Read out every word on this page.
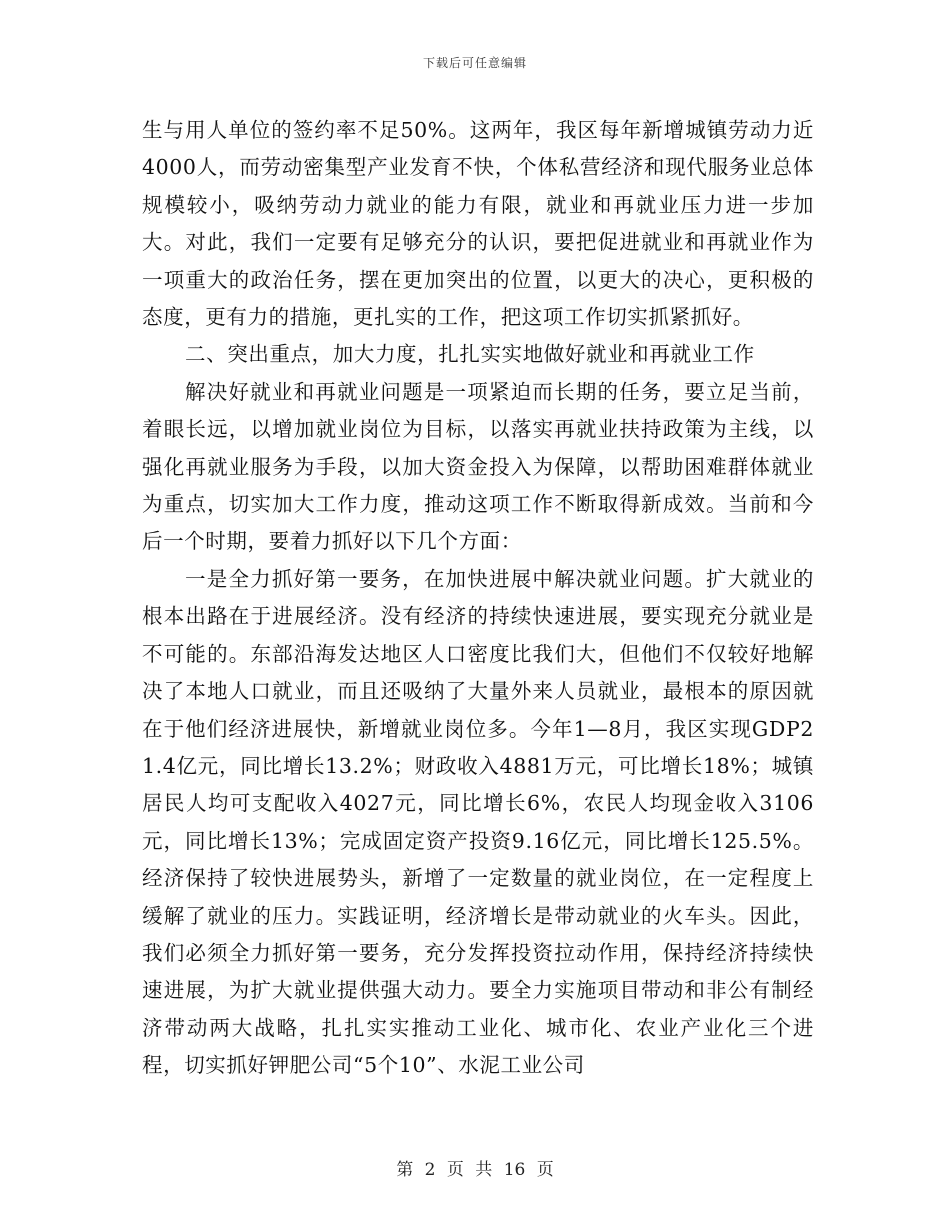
下载后可任意编辑

生与用人单位的签约率不足50%。这两年，我区每年新增城镇劳动力近4000人，而劳动密集型产业发育不快，个体私营经济和现代服务业总体规模较小，吸纳劳动力就业的能力有限，就业和再就业压力进一步加大。对此，我们一定要有足够充分的认识，要把促进就业和再就业作为一项重大的政治任务，摆在更加突出的位置，以更大的决心，更积极的态度，更有力的措施，更扎实的工作，把这项工作切实抓紧抓好。

二、突出重点，加大力度，扎扎实实地做好就业和再就业工作

解决好就业和再就业问题是一项紧迫而长期的任务，要立足当前，着眼长远，以增加就业岗位为目标，以落实再就业扶持政策为主线，以强化再就业服务为手段，以加大资金投入为保障，以帮助困难群体就业为重点，切实加大工作力度，推动这项工作不断取得新成效。当前和今后一个时期，要着力抓好以下几个方面：

一是全力抓好第一要务，在加快进展中解决就业问题。扩大就业的根本出路在于进展经济。没有经济的持续快速进展，要实现充分就业是不可能的。东部沿海发达地区人口密度比我们大，但他们不仅较好地解决了本地人口就业，而且还吸纳了大量外来人员就业，最根本的原因就在于他们经济进展快，新增就业岗位多。今年1—8月，我区实现GDP21.4亿元，同比增长13.2%；财政收入4881万元，可比增长18%；城镇居民人均可支配收入4027元，同比增长6%，农民人均现金收入3106元，同比增长13%；完成固定资产投资9.16亿元，同比增长125.5%。经济保持了较快进展势头，新增了一定数量的就业岗位，在一定程度上缓解了就业的压力。实践证明，经济增长是带动就业的火车头。因此，我们必须全力抓好第一要务，充分发挥投资拉动作用，保持经济持续快速进展，为扩大就业提供强大动力。要全力实施项目带动和非公有制经济带动两大战略，扎扎实实推动工业化、城市化、农业产业化三个进程，切实抓好钾肥公司“5个10”、水泥工业公司

第 2 页 共 16 页
